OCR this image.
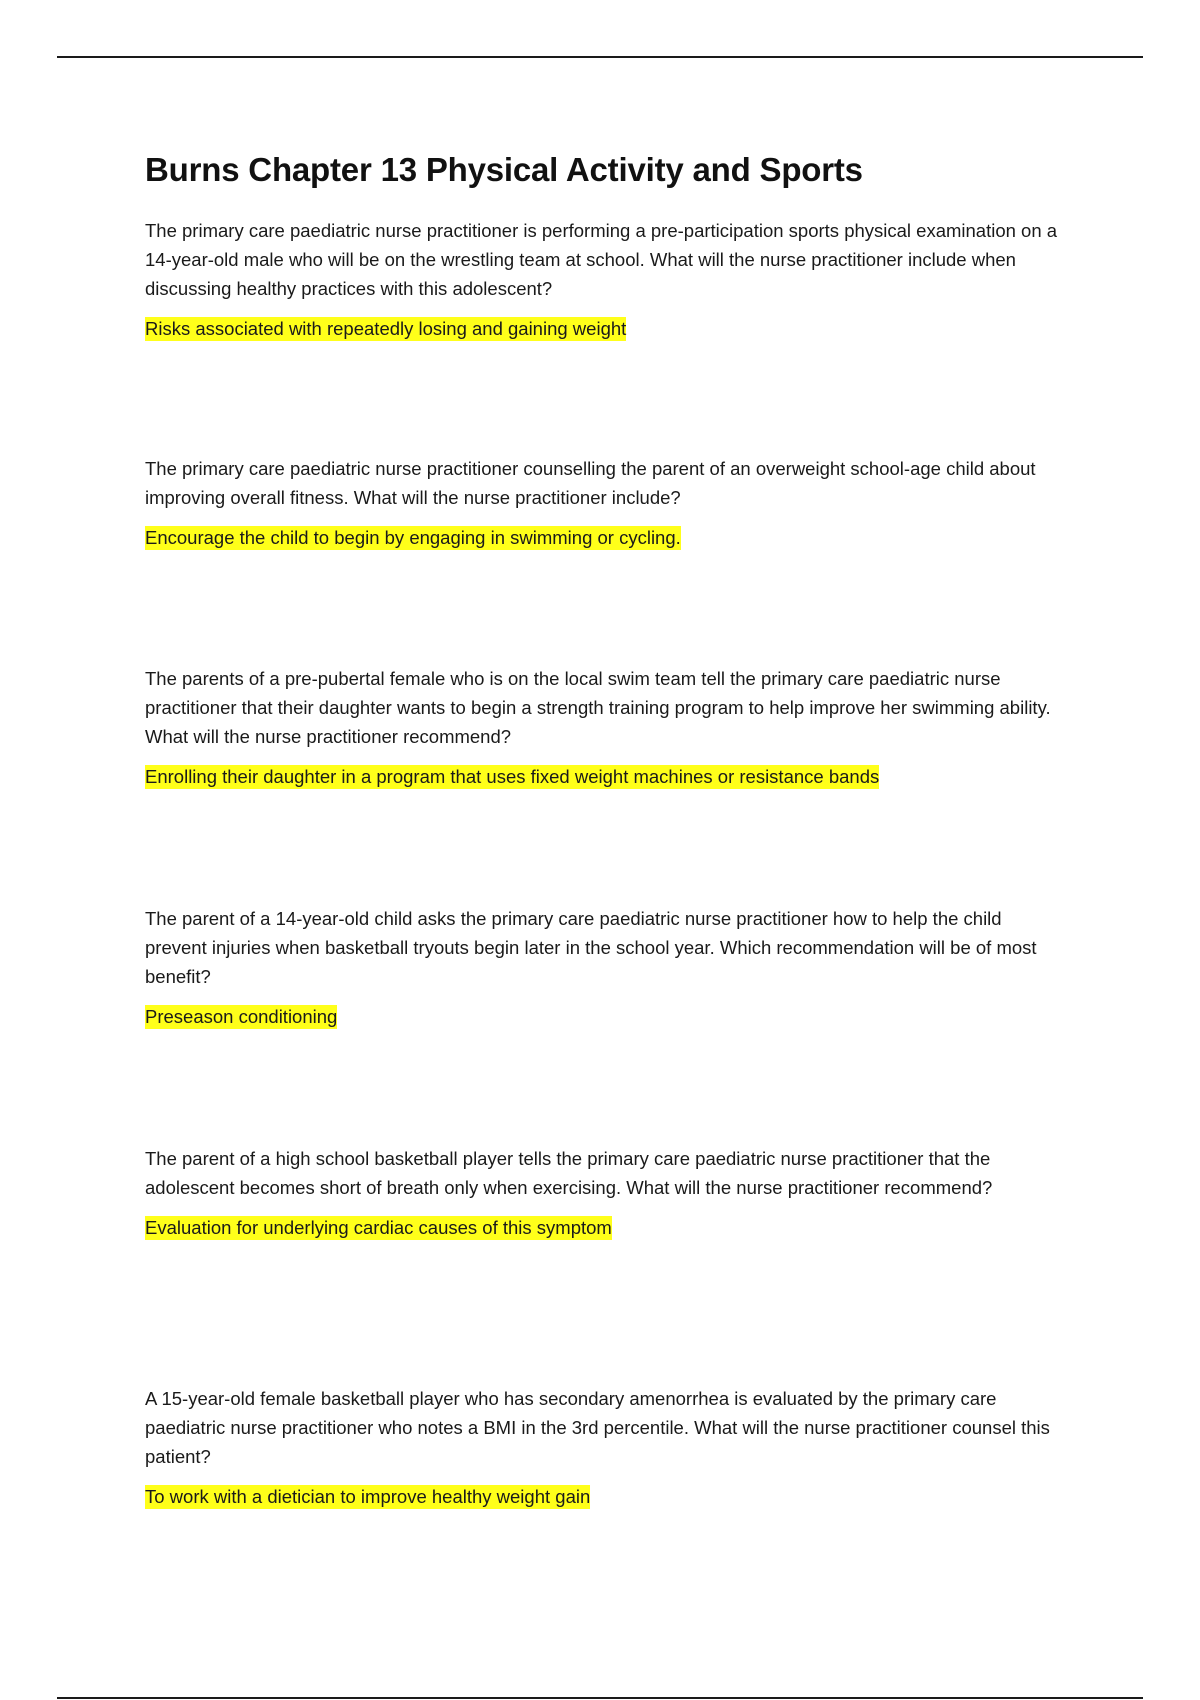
Burns Chapter 13 Physical Activity and Sports

The primary care paediatric nurse practitioner is performing a pre-participation sports physical examination on a 14-year-old male who will be on the wrestling team at school. What will the nurse practitioner include when discussing healthy practices with this adolescent?

Risks associated with repeatedly losing and gaining weight

The primary care paediatric nurse practitioner counselling the parent of an overweight school-age child about improving overall fitness. What will the nurse practitioner include?

Encourage the child to begin by engaging in swimming or cycling.

The parents of a pre-pubertal female who is on the local swim team tell the primary care paediatric nurse practitioner that their daughter wants to begin a strength training program to help improve her swimming ability. What will the nurse practitioner recommend?

Enrolling their daughter in a program that uses fixed weight machines or resistance bands

The parent of a 14-year-old child asks the primary care paediatric nurse practitioner how to help the child prevent injuries when basketball tryouts begin later in the school year. Which recommendation will be of most benefit?

Preseason conditioning

The parent of a high school basketball player tells the primary care paediatric nurse practitioner that the adolescent becomes short of breath only when exercising. What will the nurse practitioner recommend?

Evaluation for underlying cardiac causes of this symptom

A 15-year-old female basketball player who has secondary amenorrhea is evaluated by the primary care paediatric nurse practitioner who notes a BMI in the 3rd percentile. What will the nurse practitioner counsel this patient?

To work with a dietician to improve healthy weight gain
